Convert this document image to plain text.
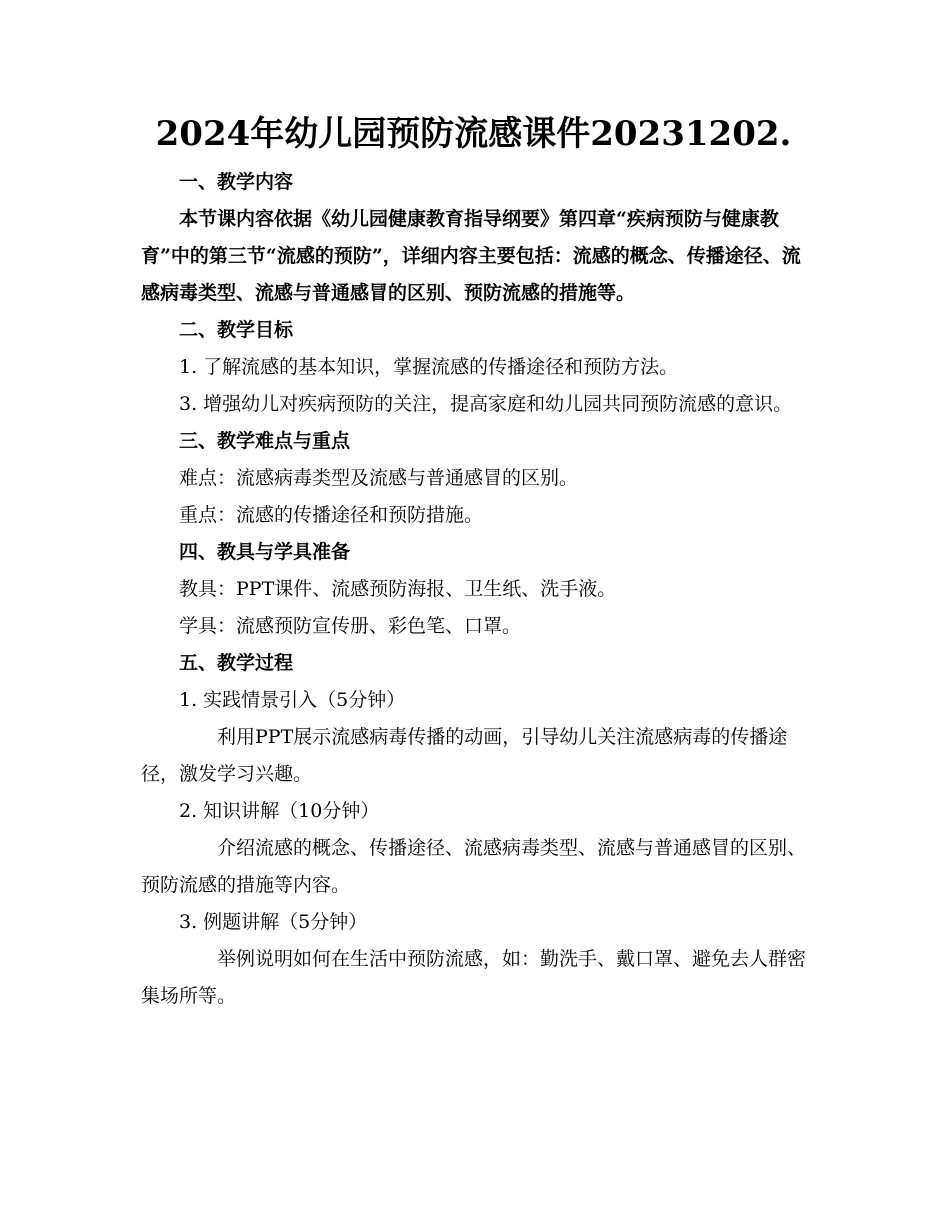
2024年幼儿园预防流感课件20231202.

一、教学内容

本节课内容依据《幼儿园健康教育指导纲要》第四章“疾病预防与健康教育”中的第三节“流感的预防”，详细内容主要包括：流感的概念、传播途径、流感病毒类型、流感与普通感冒的区别、预防流感的措施等。

二、教学目标

1. 了解流感的基本知识，掌握流感的传播途径和预防方法。

3. 增强幼儿对疾病预防的关注，提高家庭和幼儿园共同预防流感的意识。

三、教学难点与重点

难点：流感病毒类型及流感与普通感冒的区别。

重点：流感的传播途径和预防措施。

四、教具与学具准备

教具：PPT课件、流感预防海报、卫生纸、洗手液。

学具：流感预防宣传册、彩色笔、口罩。

五、教学过程

1. 实践情景引入（5分钟）

利用PPT展示流感病毒传播的动画，引导幼儿关注流感病毒的传播途径，激发学习兴趣。

2. 知识讲解（10分钟）

介绍流感的概念、传播途径、流感病毒类型、流感与普通感冒的区别、预防流感的措施等内容。

3. 例题讲解（5分钟）

举例说明如何在生活中预防流感，如：勤洗手、戴口罩、避免去人群密集场所等。
